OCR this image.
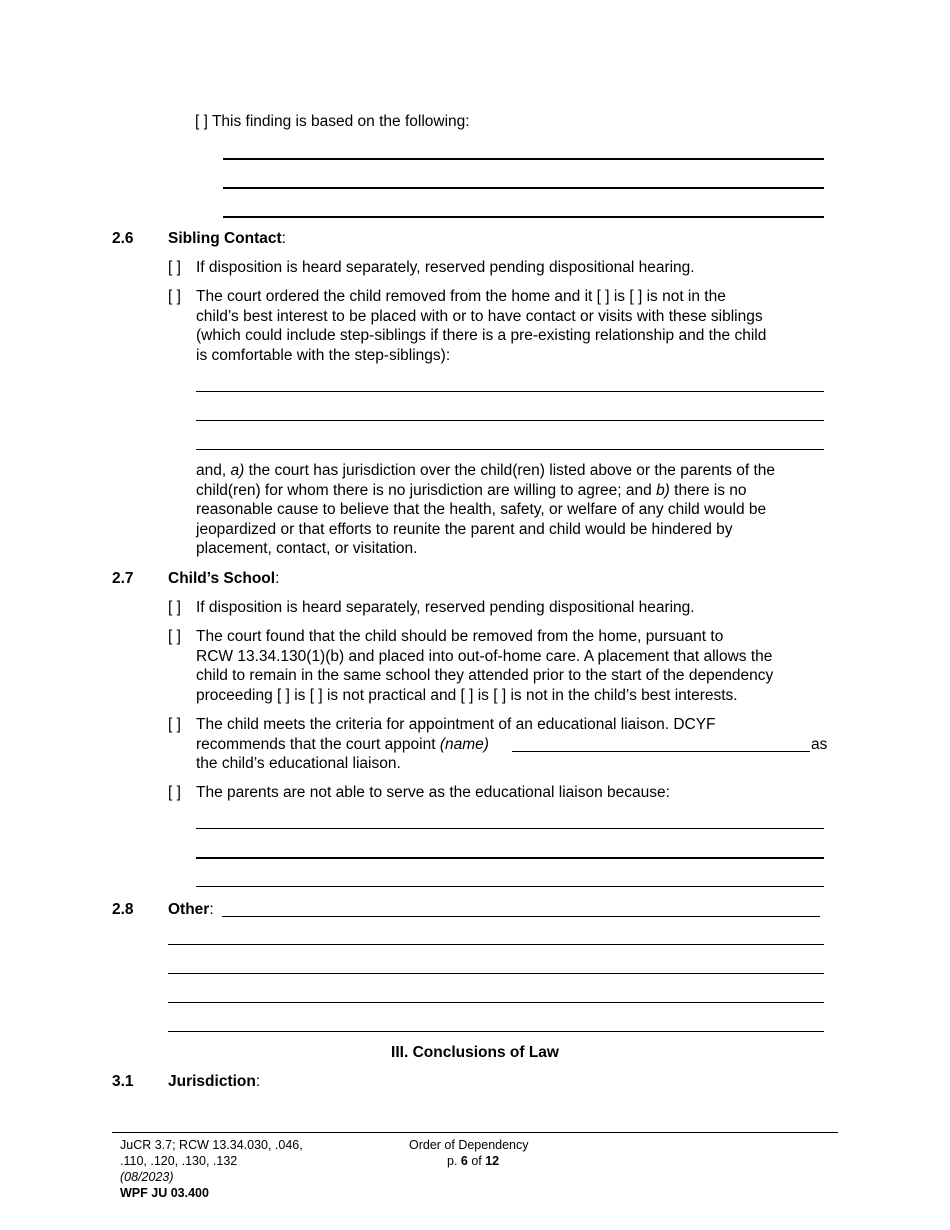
[ ] This finding is based on the following:
2.6 Sibling Contact:
[ ] If disposition is heard separately, reserved pending dispositional hearing.
[ ] The court ordered the child removed from the home and it [ ] is [ ] is not in the
child’s best interest to be placed with or to have contact or visits with these siblings
(which could include step-siblings if there is a pre-existing relationship and the child
is comfortable with the step-siblings):
and, a) the court has jurisdiction over the child(ren) listed above or the parents of the
child(ren) for whom there is no jurisdiction are willing to agree; and b) there is no
reasonable cause to believe that the health, safety, or welfare of any child would be
jeopardized or that efforts to reunite the parent and child would be hindered by
placement, contact, or visitation.
2.7 Child’s School:
[ ] If disposition is heard separately, reserved pending dispositional hearing.
[ ] The court found that the child should be removed from the home, pursuant to
RCW 13.34.130(1)(b) and placed into out-of-home care. A placement that allows the
child to remain in the same school they attended prior to the start of the dependency
proceeding [ ] is [ ] is not practical and [ ] is [ ] is not in the child’s best interests.
[ ] The child meets the criteria for appointment of an educational liaison. DCYF
recommends that the court appoint (name)	as
the child’s educational liaison.
[ ] The parents are not able to serve as the educational liaison because:
2.8 Other:
III. Conclusions of Law
3.1 Jurisdiction:
JuCR 3.7; RCW 13.34.030, .046,
.110, .120, .130, .132
(08/2023)
WPF JU 03.400
Order of Dependency
p. 6 of 12
